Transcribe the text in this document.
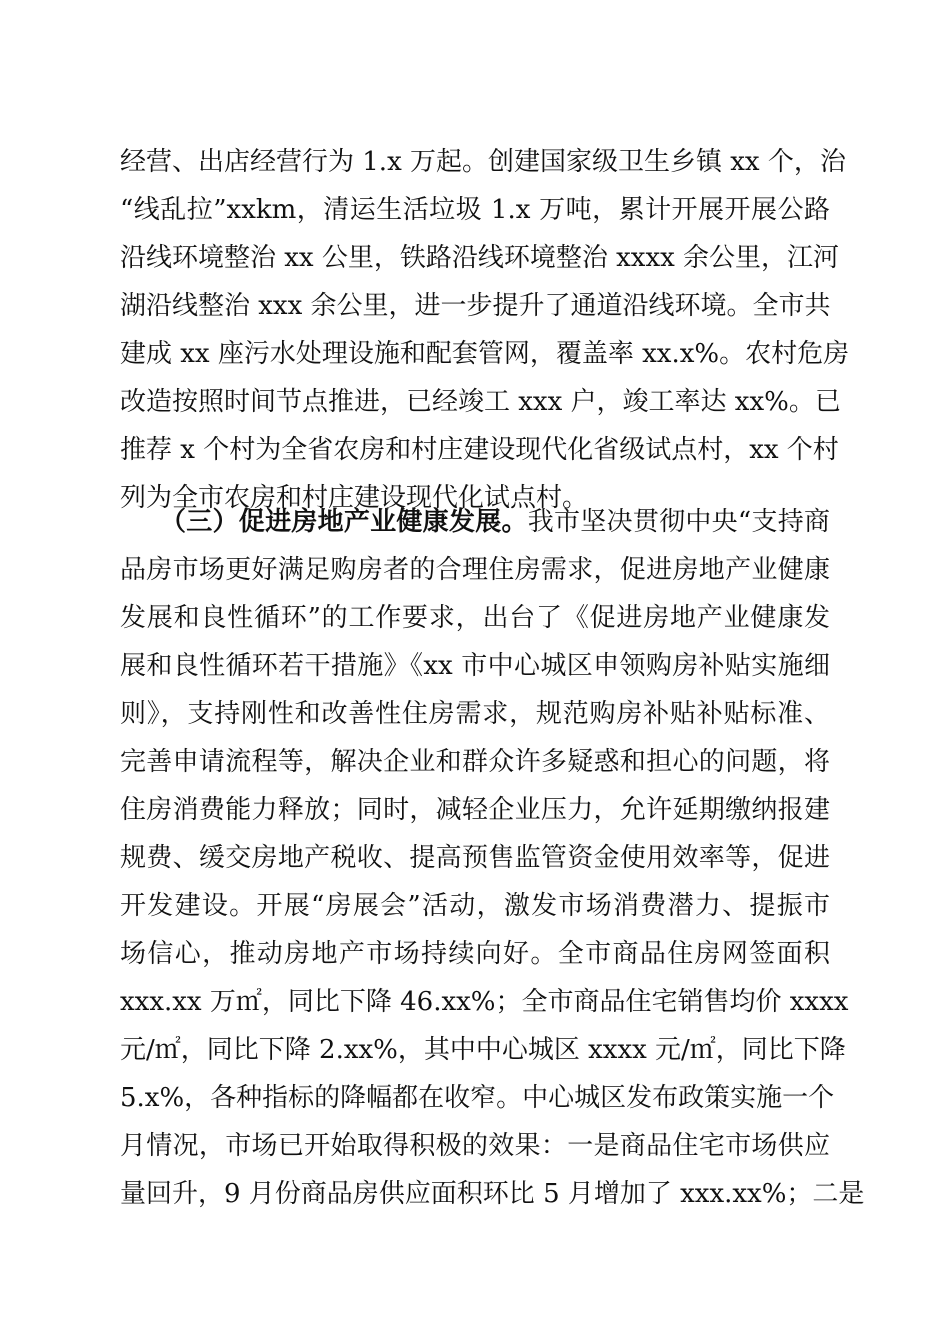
经营、出店经营行为 1.x 万起。创建国家级卫生乡镇 xx 个，治
“线乱拉”xxkm，清运生活垃圾 1.x 万吨，累计开展开展公路
沿线环境整治 xx 公里，铁路沿线环境整治 xxxx 余公里，江河
湖沿线整治 xxx 余公里，进一步提升了通道沿线环境。全市共
建成 xx 座污水处理设施和配套管网，覆盖率 xx.x%。农村危房
改造按照时间节点推进，已经竣工 xxx 户，竣工率达 xx%。已
推荐 x 个村为全省农房和村庄建设现代化省级试点村，xx 个村
列为全市农房和村庄建设现代化试点村。
（三）促进房地产业健康发展。我市坚决贯彻中央“支持商
品房市场更好满足购房者的合理住房需求，促进房地产业健康
发展和良性循环”的工作要求，出台了《促进房地产业健康发
展和良性循环若干措施》《xx 市中心城区申领购房补贴实施细
则》，支持刚性和改善性住房需求，规范购房补贴补贴标准、
完善申请流程等，解决企业和群众许多疑惑和担心的问题，将
住房消费能力释放；同时，减轻企业压力，允许延期缴纳报建
规费、缓交房地产税收、提高预售监管资金使用效率等，促进
开发建设。开展“房展会”活动，激发市场消费潜力、提振市
场信心，推动房地产市场持续向好。全市商品住房网签面积
xxx.xx 万㎡，同比下降 46.xx%；全市商品住宅销售均价 xxxx
元/㎡，同比下降 2.xx%，其中中心城区 xxxx 元/㎡，同比下降
5.x%，各种指标的降幅都在收窄。中心城区发布政策实施一个
月情况，市场已开始取得积极的效果：一是商品住宅市场供应
量回升，9 月份商品房供应面积环比 5 月增加了 xxx.xx%；二是
